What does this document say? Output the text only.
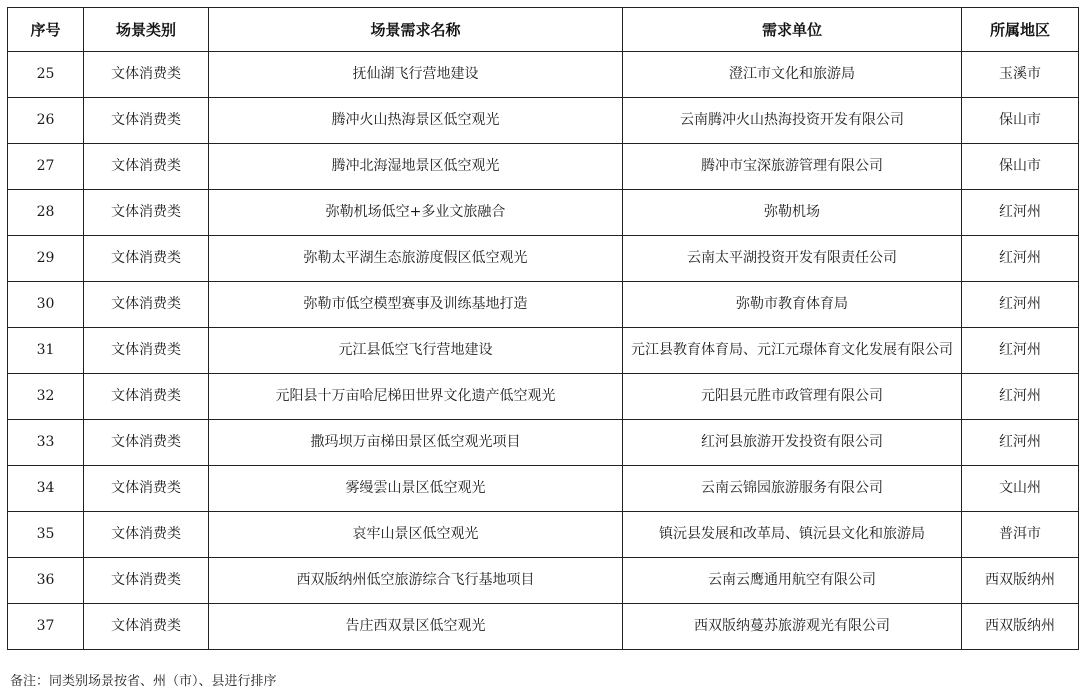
序号	场景类别	场景需求名称	需求单位	所属地区
25	文体消费类	抚仙湖飞行营地建设	澄江市文化和旅游局	玉溪市
26	文体消费类	腾冲火山热海景区低空观光	云南腾冲火山热海投资开发有限公司	保山市
27	文体消费类	腾冲北海湿地景区低空观光	腾冲市宝深旅游管理有限公司	保山市
28	文体消费类	弥勒机场低空+多业文旅融合	弥勒机场	红河州
29	文体消费类	弥勒太平湖生态旅游度假区低空观光	云南太平湖投资开发有限责任公司	红河州
30	文体消费类	弥勒市低空模型赛事及训练基地打造	弥勒市教育体育局	红河州
31	文体消费类	元江县低空飞行营地建设	元江县教育体育局、元江元璟体育文化发展有限公司	红河州
32	文体消费类	元阳县十万亩哈尼梯田世界文化遗产低空观光	元阳县元胜市政管理有限公司	红河州
33	文体消费类	撒玛坝万亩梯田景区低空观光项目	红河县旅游开发投资有限公司	红河州
34	文体消费类	雾缦雲山景区低空观光	云南云锦园旅游服务有限公司	文山州
35	文体消费类	哀牢山景区低空观光	镇沅县发展和改革局、镇沅县文化和旅游局	普洱市
36	文体消费类	西双版纳州低空旅游综合飞行基地项目	云南云鹰通用航空有限公司	西双版纳州
37	文体消费类	告庄西双景区低空观光	西双版纳蔓苏旅游观光有限公司	西双版纳州
备注：同类别场景按省、州（市）、县进行排序
